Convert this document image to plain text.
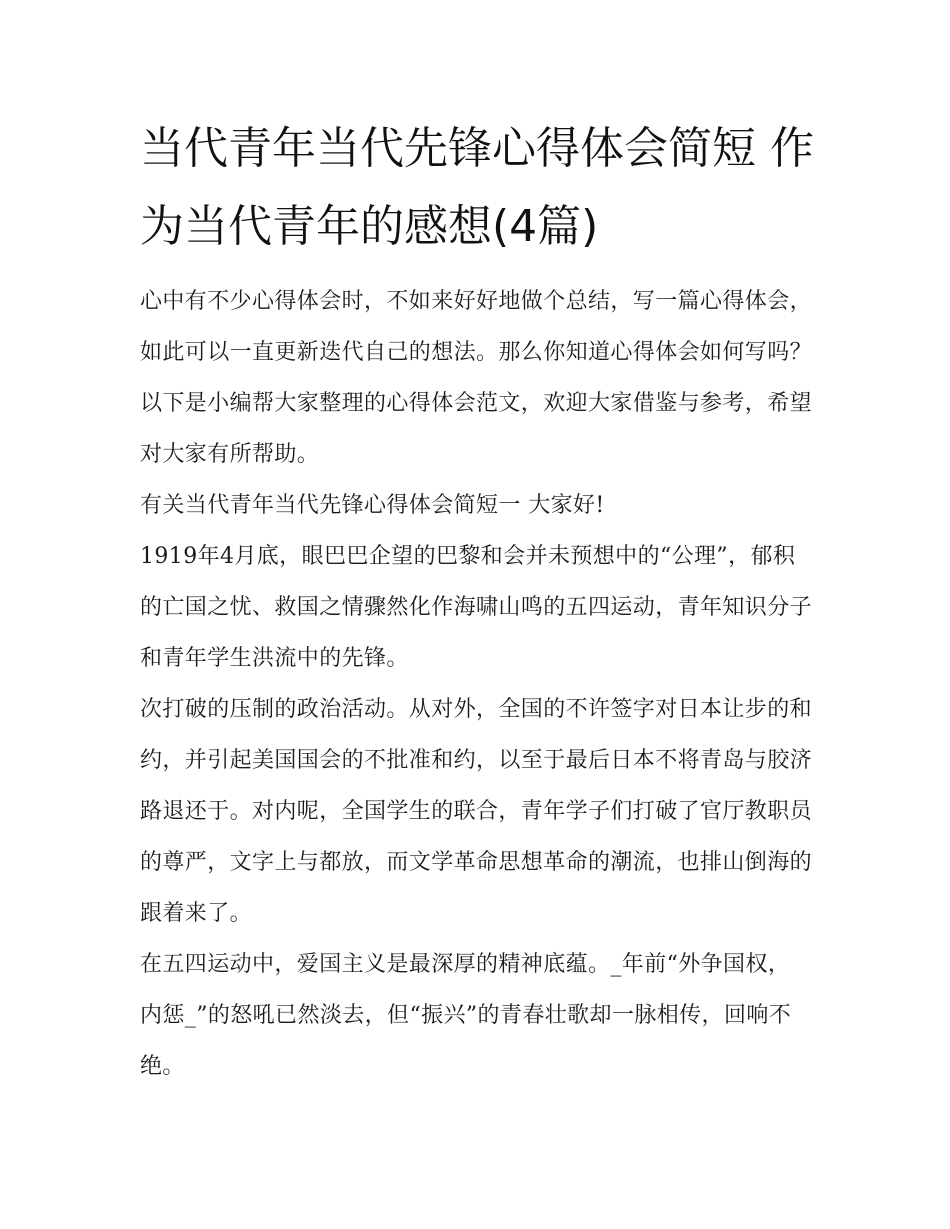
当代青年当代先锋心得体会简短 作为当代青年的感想(4篇)

心中有不少心得体会时，不如来好好地做个总结，写一篇心得体会，如此可以一直更新迭代自己的想法。那么你知道心得体会如何写吗？以下是小编帮大家整理的心得体会范文，欢迎大家借鉴与参考，希望对大家有所帮助。

有关当代青年当代先锋心得体会简短一 大家好!

1919年4月底，眼巴巴企望的巴黎和会并未预想中的“公理”，郁积的亡国之忧、救国之情骤然化作海啸山鸣的五四运动，青年知识分子和青年学生洪流中的先锋。

次打破的压制的政治活动。从对外，全国的不许签字对日本让步的和约，并引起美国国会的不批准和约，以至于最后日本不将青岛与胶济路退还于。对内呢，全国学生的联合，青年学子们打破了官厅教职员的尊严，文字上与都放，而文学革命思想革命的潮流，也排山倒海的跟着来了。

在五四运动中，爱国主义是最深厚的精神底蕴。_年前“外争国权，内惩_”的怒吼已然淡去，但“振兴”的青春壮歌却一脉相传，回响不绝。
